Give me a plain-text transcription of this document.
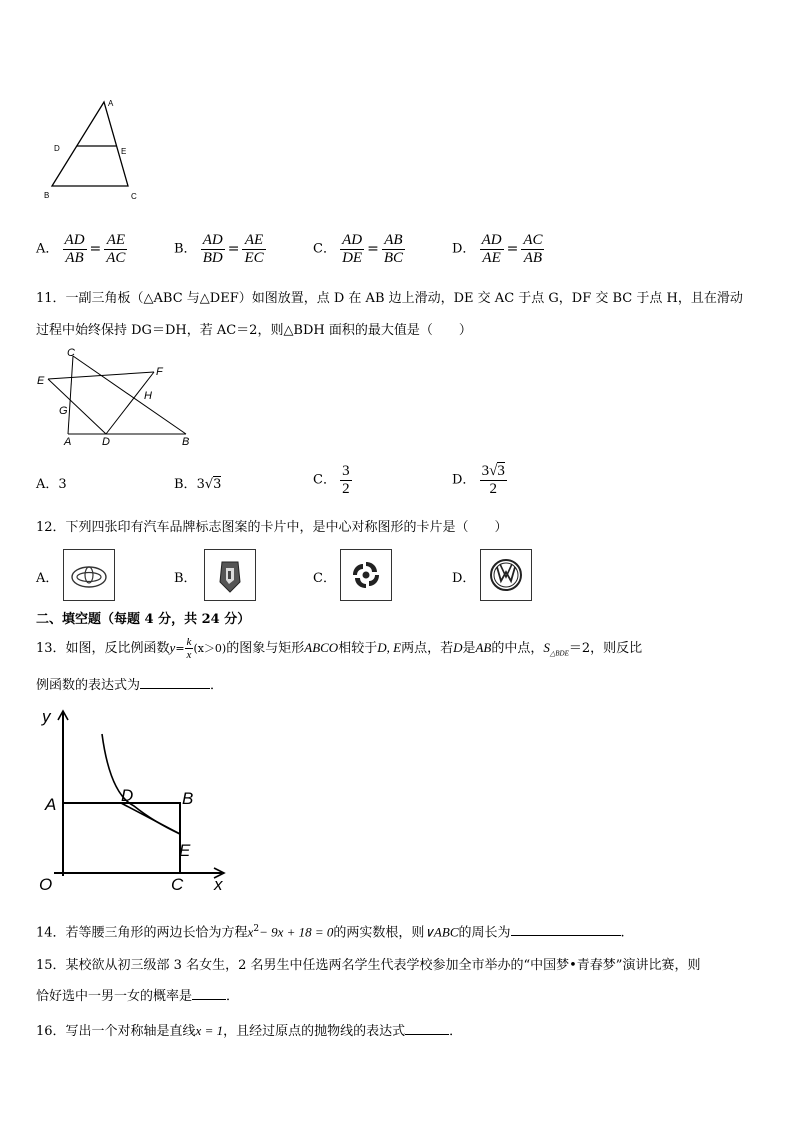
A
D	E
B	C
A． $\frac{AD}{AB} = \frac{AE}{AC}$	B． $\frac{AD}{BD} = \frac{AE}{EC}$	C． $\frac{AD}{DE} = \frac{AB}{BC}$	D． $\frac{AD}{AE} = \frac{AC}{AB}$
11．一副三角板（△ABC 与△DEF）如图放置，点 D 在 AB 边上滑动，DE 交 AC 于点 G，DF 交 BC 于点 H，且在滑动
过程中始终保持 DG＝DH，若 AC＝2，则△BDH 面积的最大值是（　　）
C
E
F
H
G
A	D	B
A．3	B．3√3	C． $\frac{3}{2}$	D． $\frac{3√3}{2}$
12．下列四张印有汽车品牌标志图案的卡片中，是中心对称图形的卡片是（　　）
A．	B．	C．	D．
二、填空题（每题 4 分，共 24 分）
13．如图，反比例函数$y= \frac{k}{x} (x>0)$的图象与矩形ABCO相较于D, E两点，若D是AB的中点，$S_{\triangle BDE}=2$，则反比
例函数的表达式为	．
y
x
O
A	B
C
D
E
14．若等腰三角形的两边长恰为方程$x^2- 9x + 18 = 0$的两实数根，则∨ABC的周长为	.
15．某校欲从初三级部 3 名女生，2 名男生中任选两名学生代表学校参加全市举办的“中国梦•青春梦”演讲比赛，则
恰好选中一男一女的概率是	．
16．写出一个对称轴是直线x = 1，且经过原点的抛物线的表达式	．
